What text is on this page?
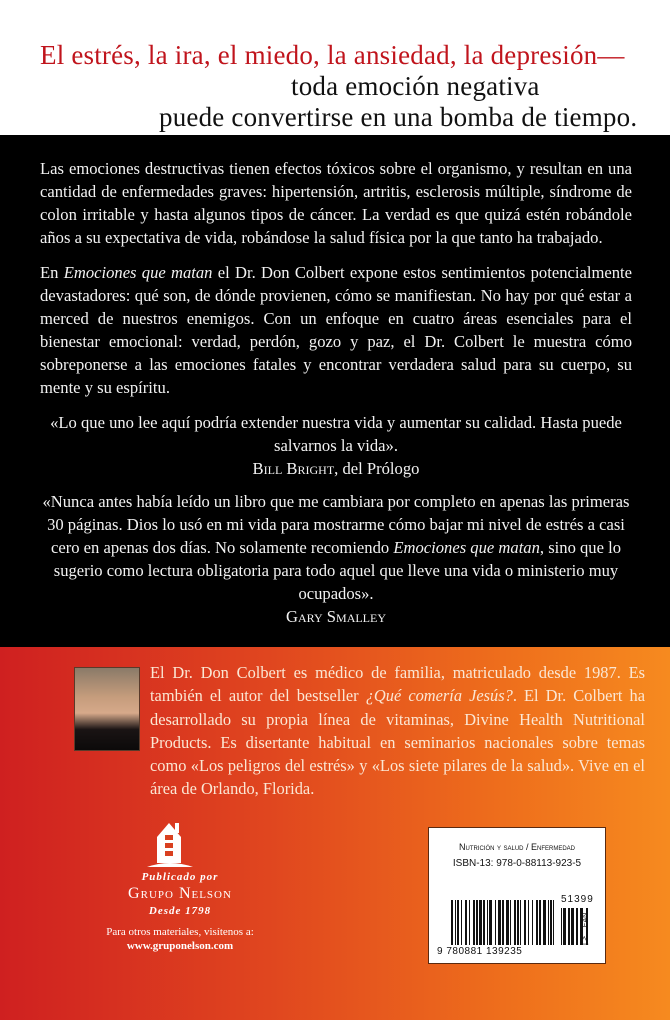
El estrés, la ira, el miedo, la ansiedad, la depresión—
toda emoción negativa
puede convertirse en una bomba de tiempo.
Las emociones destructivas tienen efectos tóxicos sobre el organismo, y resultan en una cantidad de enfermedades graves: hipertensión, artritis, esclerosis múltiple, síndrome de colon irritable y hasta algunos tipos de cáncer. La verdad es que quizá estén robándole años a su expectativa de vida, robándose la salud física por la que tanto ha trabajado.
En Emociones que matan el Dr. Don Colbert expone estos sentimientos potencialmente devastadores: qué son, de dónde provienen, cómo se manifiestan. No hay por qué estar a merced de nuestros enemigos. Con un enfoque en cuatro áreas esenciales para el bienestar emocional: verdad, perdón, gozo y paz, el Dr. Colbert le muestra cómo sobreponerse a las emociones fatales y encontrar verdadera salud para su cuerpo, su mente y su espíritu.
«Lo que uno lee aquí podría extender nuestra vida y aumentar su calidad. Hasta puede salvarnos la vida».
Bill Bright, del Prólogo
«Nunca antes había leído un libro que me cambiara por completo en apenas las primeras 30 páginas. Dios lo usó en mi vida para mostrarme cómo bajar mi nivel de estrés a casi cero en apenas dos días. No solamente recomiendo Emociones que matan, sino que lo sugerio como lectura obligatoria para todo aquel que lleve una vida o ministerio muy ocupados».
Gary Smalley
El Dr. Don Colbert es médico de familia, matriculado desde 1987. Es también el autor del bestseller ¿Qué comería Jesús?. El Dr. Colbert ha desarrollado su propia línea de vitaminas, Divine Health Nutritional Products. Es disertante habitual en seminarios nacionales sobre temas como «Los peligros del estrés» y «Los siete pilares de la salud». Vive en el área de Orlando, Florida.
Publicado por
Grupo Nelson
Desde 1798
Para otros materiales, visítenos a:
www.gruponelson.com
Nutrición y salud / Enfermedad
ISBN-13: 978-0-88113-923-5
51399
9 780881 139235
EAN
△
